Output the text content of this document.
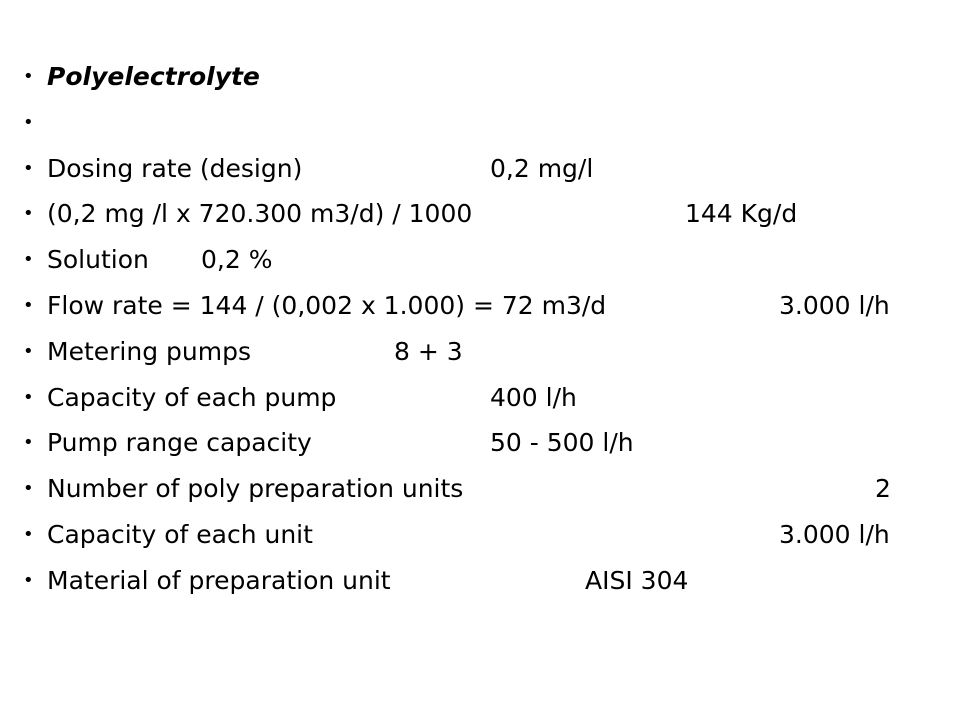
• Polyelectrolyte
•
• Dosing rate (design)	0,2 mg/l
• (0,2 mg /l x 720.300 m3/d) / 1000	144 Kg/d
• Solution 0,2 %
• Flow rate = 144 / (0,002 x 1.000) = 72 m3/d	3.000 l/h
• Metering pumps	8 + 3
• Capacity of each pump	400 l/h
• Pump range capacity	50 - 500 l/h
• Number of poly preparation units	2
• Capacity of each unit	3.000 l/h
• Material of preparation unit	AISI 304
